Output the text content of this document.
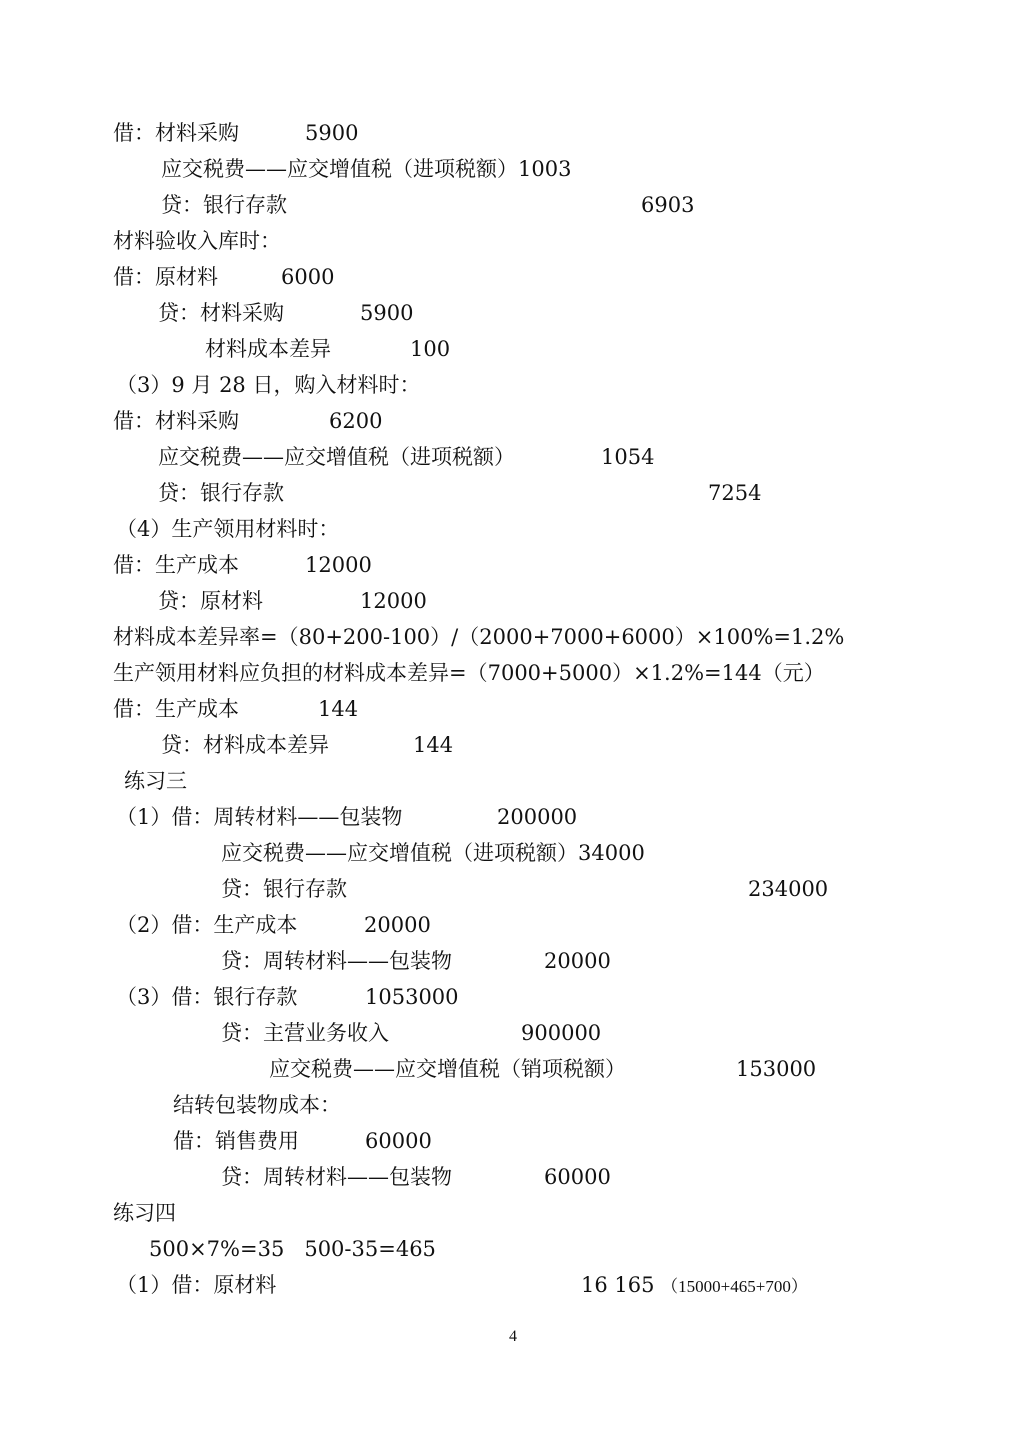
借：材料采购	5900
应交税费——应交增值税（进项税额）1003
贷：银行存款	6903
材料验收入库时：
借：原材料	6000
贷：材料采购	5900
材料成本差异	100
（3）9 月 28 日，购入材料时：
借：材料采购	6200
应交税费——应交增值税（进项税额）	1054
贷：银行存款	7254
（4）生产领用材料时：
借：生产成本	12000
贷：原材料	12000
材料成本差异率=（80+200-100）/（2000+7000+6000）×100%=1.2%
生产领用材料应负担的材料成本差异=（7000+5000）×1.2%=144（元）
借：生产成本	144
贷：材料成本差异	144
练习三
（1）借：周转材料——包装物	200000
应交税费——应交增值税（进项税额）34000
贷：银行存款	234000
（2）借：生产成本	20000
贷：周转材料——包装物	20000
（3）借：银行存款	1053000
贷：主营业务收入	900000
应交税费——应交增值税（销项税额）	153000
结转包装物成本：
借：销售费用	60000
贷：周转材料——包装物	60000
练习四
500×7%=35   500-35=465
（1）借：原材料	16 165 （15000+465+700）
4
